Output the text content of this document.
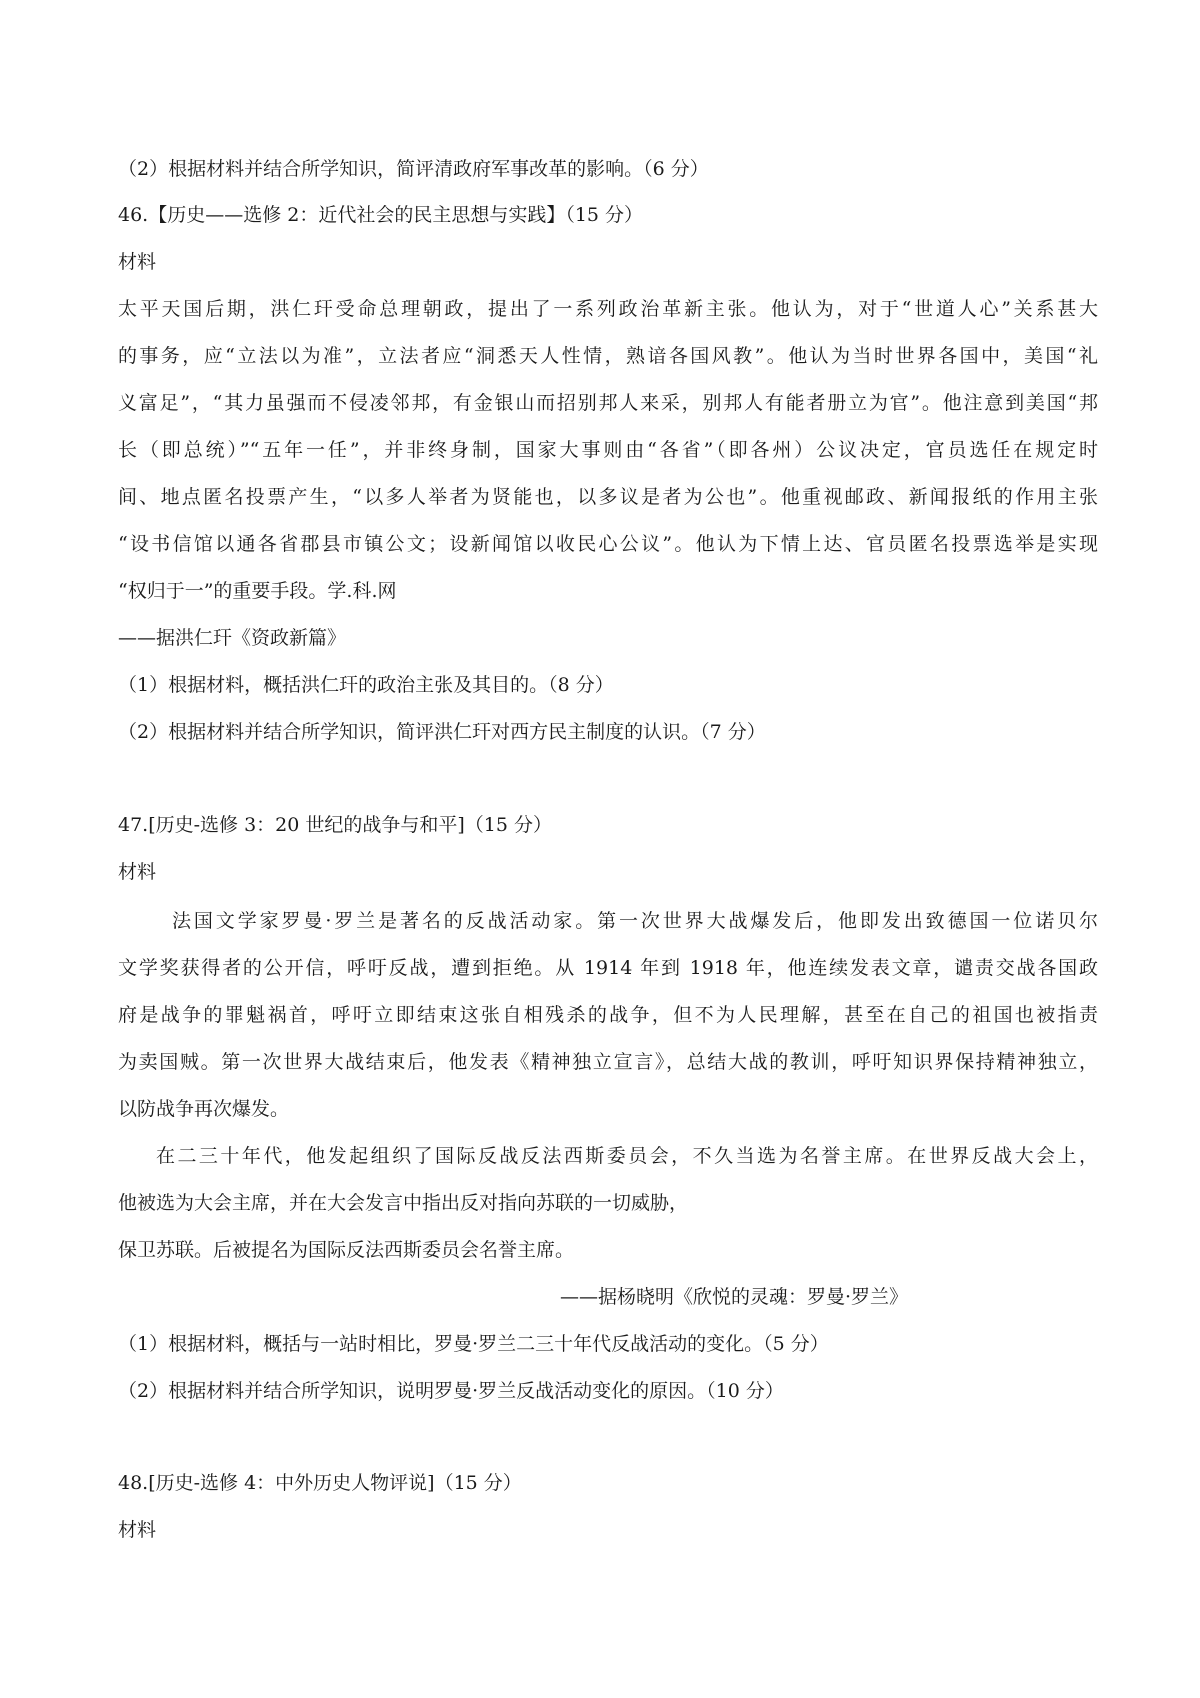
（2）根据材料并结合所学知识，简评清政府军事改革的影响。（6 分）
46.【历史——选修 2：近代社会的民主思想与实践】（15 分）
材料
太平天国后期，洪仁玕受命总理朝政，提出了一系列政治革新主张。他认为，对于“世道人心”关系甚大
的事务，应“立法以为准”，立法者应“洞悉天人性情，熟谙各国风教”。他认为当时世界各国中，美国“礼
义富足”，“其力虽强而不侵凌邻邦，有金银山而招别邦人来采，别邦人有能者册立为官”。他注意到美国“邦
长（即总统）”“五年一任”，并非终身制，国家大事则由“各省”（即各州）公议决定，官员选任在规定时
间、地点匿名投票产生，“以多人举者为贤能也，以多议是者为公也”。他重视邮政、新闻报纸的作用主张
“设书信馆以通各省郡县市镇公文；设新闻馆以收民心公议”。他认为下情上达、官员匿名投票选举是实现
“权归于一”的重要手段。学.科.网
——据洪仁玕《资政新篇》
（1）根据材料，概括洪仁玕的政治主张及其目的。（8 分）
（2）根据材料并结合所学知识，简评洪仁玕对西方民主制度的认识。（7 分）
47.[历史-选修 3：20 世纪的战争与和平]（15 分）
材料
法国文学家罗曼·罗兰是著名的反战活动家。第一次世界大战爆发后，他即发出致德国一位诺贝尔
文学奖获得者的公开信，呼吁反战，遭到拒绝。从 1914 年到 1918 年，他连续发表文章，谴责交战各国政
府是战争的罪魁祸首，呼吁立即结束这张自相残杀的战争，但不为人民理解，甚至在自己的祖国也被指责
为卖国贼。第一次世界大战结束后，他发表《精神独立宣言》，总结大战的教训，呼吁知识界保持精神独立，
以防战争再次爆发。
在二三十年代，他发起组织了国际反战反法西斯委员会，不久当选为名誉主席。在世界反战大会上，
他被选为大会主席，并在大会发言中指出反对指向苏联的一切威胁，
保卫苏联。后被提名为国际反法西斯委员会名誉主席。
——据杨晓明《欣悦的灵魂：罗曼·罗兰》
（1）根据材料，概括与一站时相比，罗曼·罗兰二三十年代反战活动的变化。（5 分）
（2）根据材料并结合所学知识，说明罗曼·罗兰反战活动变化的原因。（10 分）
48.[历史-选修 4：中外历史人物评说]（15 分）
材料
